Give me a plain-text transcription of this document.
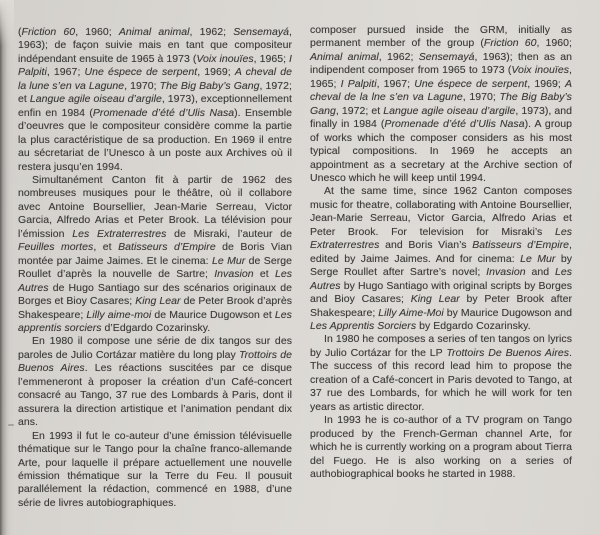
(Friction 60, 1960; Animal animal, 1962; Sensemayá, 1963); de façon suivie mais en tant que compositeur indépendant ensuite de 1965 à 1973 (Voix inouïes, 1965; I Palpiti, 1967; Une éspece de serpent, 1969; A cheval de la lune s’en va Lagune, 1970; The Big Baby’s Gang, 1972; et Langue agile oiseau d’argile, 1973), exceptionnellement enfin en 1984 (Promenade d’été d’Ulis Nasa). Ensemble d’oeuvres que le compositeur considère comme la partie la plus caractéristique de sa production. En 1969 il entre au sécretariat de l’Unesco à un poste aux Archives où il restera jusqu’en 1994.

Simultanément Canton fit à partir de 1962 des nombreuses musiques pour le théâtre, où il collabore avec Antoine Boursellier, Jean-Marie Serreau, Victor Garcia, Alfredo Arias et Peter Brook. La télévision pour l’émission Les Extraterrestres de Misraki, l’auteur de Feuilles mortes, et Batisseurs d’Empire de Boris Vian montée par Jaime Jaimes. Et le cinema: Le Mur de Serge Roullet d’après la nouvelle de Sartre; Invasion et Les Autres de Hugo Santiago sur des scénarios originaux de Borges et Bioy Casares; King Lear de Peter Brook d’après Shakespeare; Lilly aime-moi de Maurice Dugowson et Les apprentis sorciers d’Edgardo Cozarinsky.

En 1980 il compose une série de dix tangos sur des paroles de Julio Cortázar matière du long play Trottoirs de Buenos Aires. Les réactions suscitées par ce disque l’emmeneront à proposer la création d’un Café-concert consacré au Tango, 37 rue des Lombards à Paris, dont il assurera la direction artistique et l’animation pendant dix ans.

En 1993 il fut le co-auteur d’une émission télévisuelle thématique sur le Tango pour la chaîne franco-allemande Arte, pour laquelle il prépare actuellement une nouvelle émission thématique sur la Terre du Feu. Il pousuit parallélement la rédaction, commencé en 1988, d’une série de livres autobiographiques.

composer pursued inside the GRM, initially as permanent member of the group (Friction 60, 1960; Animal animal, 1962; Sensemayá, 1963); then as an indipendent composer from 1965 to 1973 (Voix inouïes, 1965; I Palpiti, 1967; Une éspece de serpent, 1969; A cheval de la lne s’en va Lagune, 1970; The Big Baby’s Gang, 1972; et Langue agile oiseau d’argile, 1973), and finally in 1984 (Promenade d’été d’Ulis Nasa). A group of works which the composer considers as his most typical compositions. In 1969 he accepts an appointment as a secretary at the Archive section of Unesco which he will keep until 1994.

At the same time, since 1962 Canton composes music for theatre, collaborating with Antoine Boursellier, Jean-Marie Serreau, Victor Garcia, Alfredo Arias et Peter Brook. For television for Misraki’s Les Extraterrestres and Boris Vian’s Batisseurs d’Empire, edited by Jaime Jaimes. And for cinema: Le Mur by Serge Roullet after Sartre’s novel; Invasion and Les Autres by Hugo Santiago with original scripts by Borges and Bioy Casares; King Lear by Peter Brook after Shakespeare; Lilly Aime-Moi by Maurice Dugowson and Les Apprentis Sorciers by Edgardo Cozarinsky.

In 1980 he composes a series of ten tangos on lyrics by Julio Cortázar for the LP Trottoirs De Buenos Aires. The success of this record lead him to propose the creation of a Café-concert in Paris devoted to Tango, at 37 rue des Lombards, for which he will work for ten years as artistic director.

In 1993 he is co-author of a TV program on Tango produced by the French-German channel Arte, for which he is currently working on a program about Tierra del Fuego. He is also working on a series of authobiographical books he started in 1988.
